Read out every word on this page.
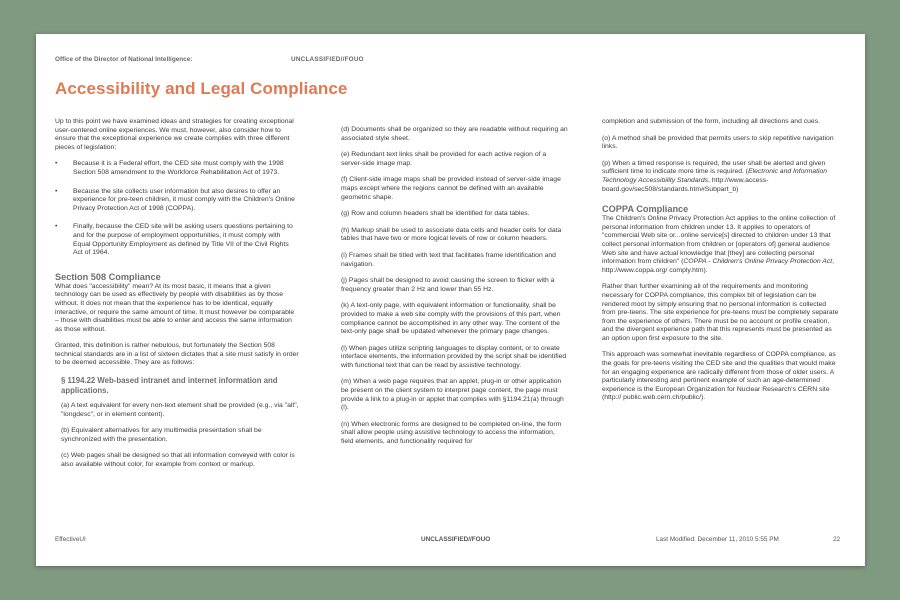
Office of the Director of National Intelligence:	UNCLASSIFIED//FOUO
Accessibility and Legal Compliance

Up to this point we have examined ideas and strategies for creating exceptional user-centered online experiences. We must, however, also consider how to ensure that the exceptional experience we create complies with three different pieces of legislation:

• Because it is a Federal effort, the CED site must comply with the 1998 Section 508 amendment to the Workforce Rehabilitation Act of 1973.
• Because the site collects user information but also desires to offer an experience for pre-teen children, it must comply with the Children's Online Privacy Protection Act of 1998 (COPPA).
• Finally, because the CED site will be asking users questions pertaining to and for the purpose of employment opportunities, it must comply with Equal Opportunity Employment as defined by Title VII of the Civil Rights Act of 1964.
Section 508 Compliance

What does "accessibility" mean? At its most basic, it means that a given technology can be used as effectively by people with disabilities as by those without. It does not mean that the experience has to be identical, equally interactive, or require the same amount of time. It must however be comparable – those with disabilities must be able to enter and access the same information as those without.

Granted, this definition is rather nebulous, but fortunately the Section 508 technical standards are in a list of sixteen dictates that a site must satisfy in order to be deemed accessible. They are as follows:

§ 1194.22 Web-based intranet and internet information and applications.

(a) A text equivalent for every non-text element shall be provided (e.g., via "alt", "longdesc", or in element content).

(b) Equivalent alternatives for any multimedia presentation shall be synchronized with the presentation.

(c) Web pages shall be designed so that all information conveyed with color is also available without color, for example from context or markup.

(d) Documents shall be organized so they are readable without requiring an associated style sheet.

(e) Redundant text links shall be provided for each active region of a server-side image map.

(f) Client-side image maps shall be provided instead of server-side image maps except where the regions cannot be defined with an available geometric shape.

(g) Row and column headers shall be identified for data tables.

(h) Markup shall be used to associate data cells and header cells for data tables that have two or more logical levels of row or column headers.

(i) Frames shall be titled with text that facilitates frame identification and navigation.

(j) Pages shall be designed to avoid causing the screen to flicker with a frequency greater than 2 Hz and lower than 55 Hz.

(k) A text-only page, with equivalent information or functionality, shall be provided to make a web site comply with the provisions of this part, when compliance cannot be accomplished in any other way. The content of the text-only page shall be updated whenever the primary page changes.

(l) When pages utilize scripting languages to display content, or to create interface elements, the information provided by the script shall be identified with functional text that can be read by assistive technology.

(m) When a web page requires that an applet, plug-in or other application be present on the client system to interpret page content, the page must provide a link to a plug-in or applet that complies with §1194.21(a) through (l).

(n) When electronic forms are designed to be completed on-line, the form shall allow people using assistive technology to access the information, field elements, and functionality required for

completion and submission of the form, including all directions and cues.

(o) A method shall be provided that permits users to skip repetitive navigation links.

(p) When a timed response is required, the user shall be alerted and given sufficient time to indicate more time is required. (Electronic and Information Technology Accessibility Standards, http://www.access-board.gov/sec508/standards.htm#Subpart_b)

COPPA Compliance

The Children's Online Privacy Protection Act applies to the online collection of personal information from children under 13. It applies to operators of "commercial Web site or...online service[s] directed to children under 13 that collect personal information from children or [operators of] general audience Web site and have actual knowledge that [they] are collecting personal information from children" (COPPA - Children's Online Privacy Protection Act, http://www.coppa.org/ comply.htm).

Rather than further examining all of the requirements and monitoring necessary for COPPA compliance, this complex bit of legislation can be rendered moot by simply ensuring that no personal information is collected from pre-teens. The site experience for pre-teens must be completely separate from the experience of others. There must be no account or profile creation, and the divergent experience path that this represents must be presented as an option upon first exposure to the site.

This approach was somewhat inevitable regardless of COPPA compliance, as the goals for pre-teens visiting the CED site and the qualities that would make for an engaging experience are radically different from those of older users. A particularly interesting and pertinent example of such an age-determined experience is the European Organization for Nuclear Research's CERN site (http:// public.web.cern.ch/public/).

EffectiveUI	UNCLASSIFIED//FOUO	Last Modified: December 11, 2010 5:55 PM	22
